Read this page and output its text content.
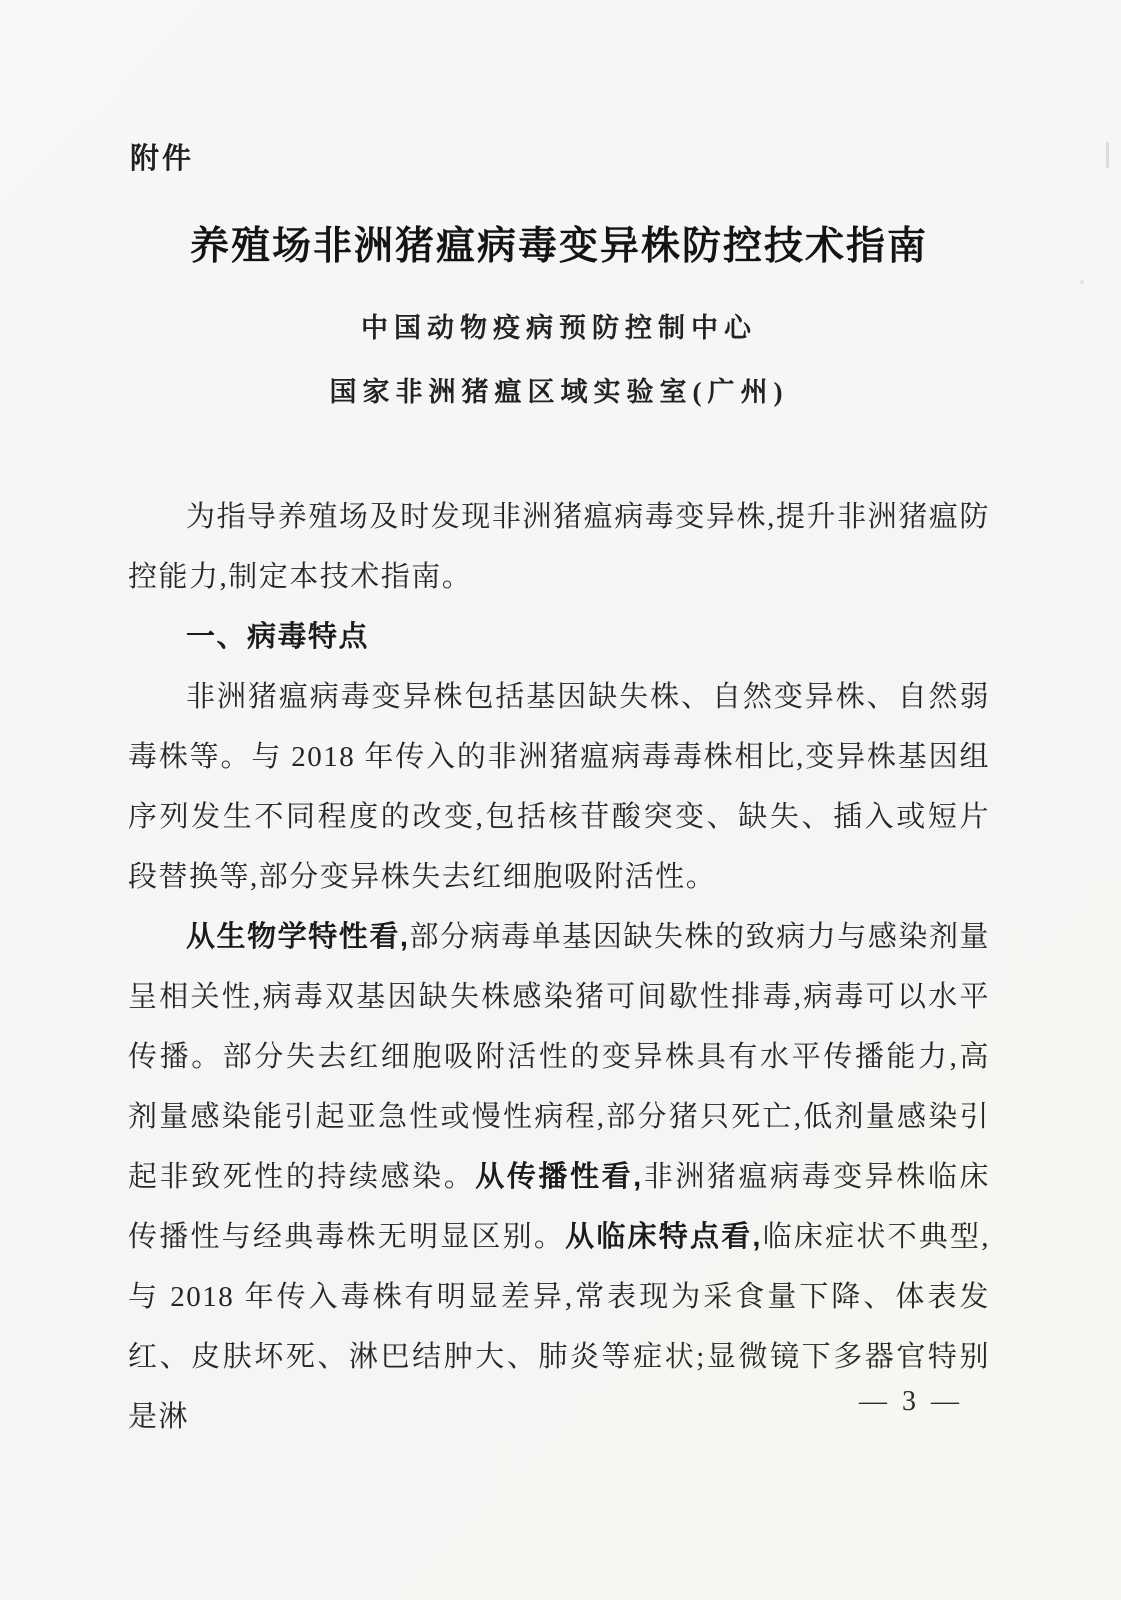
附件
养殖场非洲猪瘟病毒变异株防控技术指南
中国动物疫病预防控制中心
国家非洲猪瘟区域实验室(广州)

为指导养殖场及时发现非洲猪瘟病毒变异株,提升非洲猪瘟防控能力,制定本技术指南。

一、病毒特点

非洲猪瘟病毒变异株包括基因缺失株、自然变异株、自然弱毒株等。与 2018 年传入的非洲猪瘟病毒毒株相比,变异株基因组序列发生不同程度的改变,包括核苷酸突变、缺失、插入或短片段替换等,部分变异株失去红细胞吸附活性。

从生物学特性看,部分病毒单基因缺失株的致病力与感染剂量呈相关性,病毒双基因缺失株感染猪可间歇性排毒,病毒可以水平传播。部分失去红细胞吸附活性的变异株具有水平传播能力,高剂量感染能引起亚急性或慢性病程,部分猪只死亡,低剂量感染引起非致死性的持续感染。从传播性看,非洲猪瘟病毒变异株临床传播性与经典毒株无明显区别。从临床特点看,临床症状不典型,与 2018 年传入毒株有明显差异,常表现为采食量下降、体表发红、皮肤坏死、淋巴结肿大、肺炎等症状;显微镜下多器官特别是淋	— 3 —
